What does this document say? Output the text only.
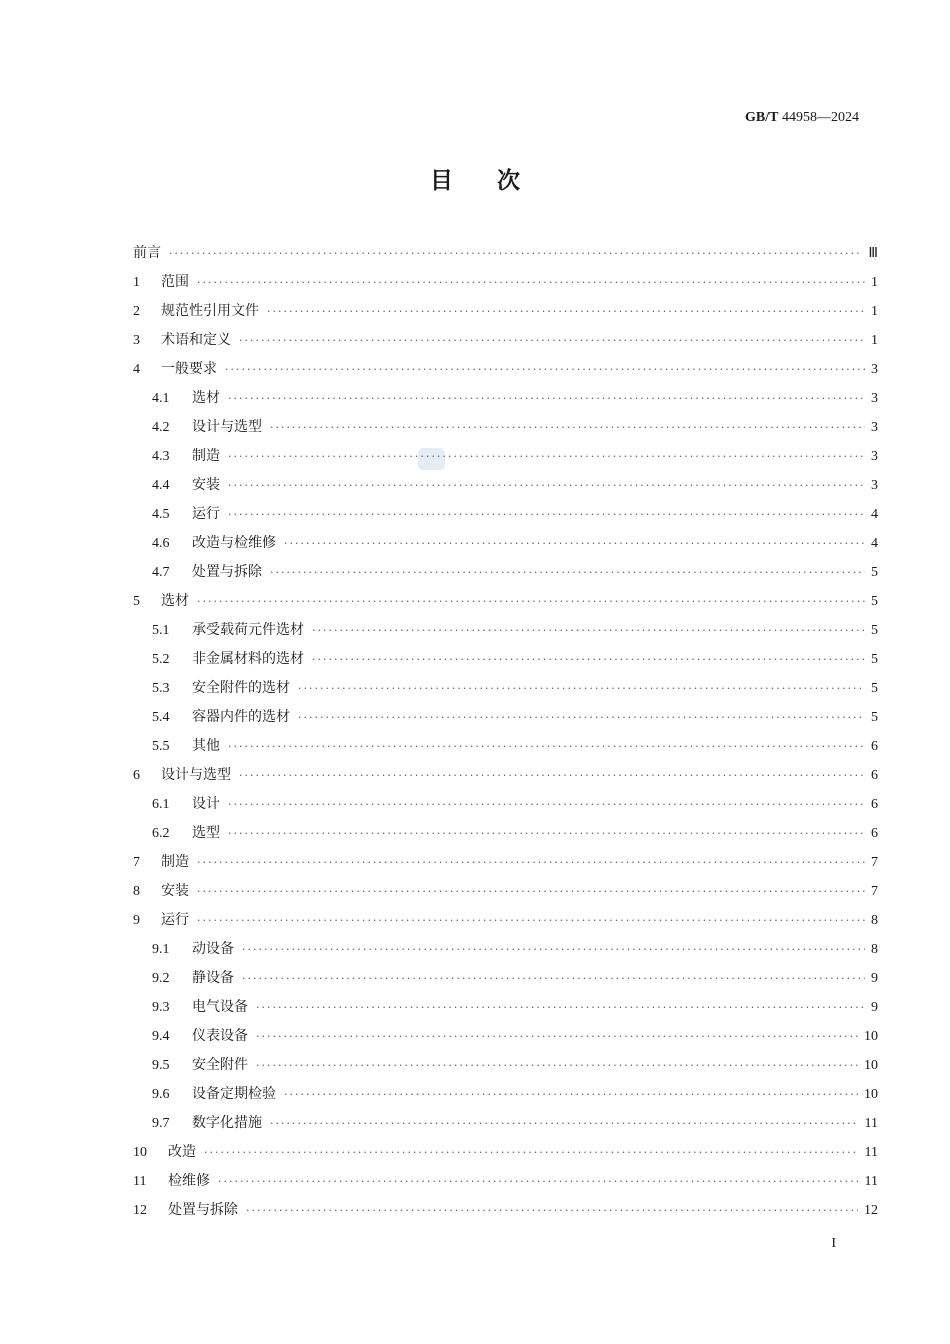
GB/T 44958—2024
目次
前言 ·····	Ⅲ
1	范围 ·····	1
2	规范性引用文件 ·····	1
3	术语和定义 ·····	1
4	一般要求 ·····	3
4.1	选材 ·····	3
4.2	设计与选型 ·····	3
4.3	制造 ·····	3
4.4	安装 ·····	3
4.5	运行 ·····	4
4.6	改造与检维修 ·····	4
4.7	处置与拆除 ·····	5
5	选材 ·····	5
5.1	承受载荷元件选材 ·····	5
5.2	非金属材料的选材 ·····	5
5.3	安全附件的选材 ·····	5
5.4	容器内件的选材 ·····	5
5.5	其他 ·····	6
6	设计与选型 ·····	6
6.1	设计 ·····	6
6.2	选型 ·····	6
7	制造 ·····	7
8	安装 ·····	7
9	运行 ·····	8
9.1	动设备 ·····	8
9.2	静设备 ·····	9
9.3	电气设备 ·····	9
9.4	仪表设备 ·····	10
9.5	安全附件 ·····	10
9.6	设备定期检验 ·····	10
9.7	数字化措施 ·····	11
10	改造 ·····	11
11	检维修 ·····	11
12	处置与拆除 ·····	12
I
